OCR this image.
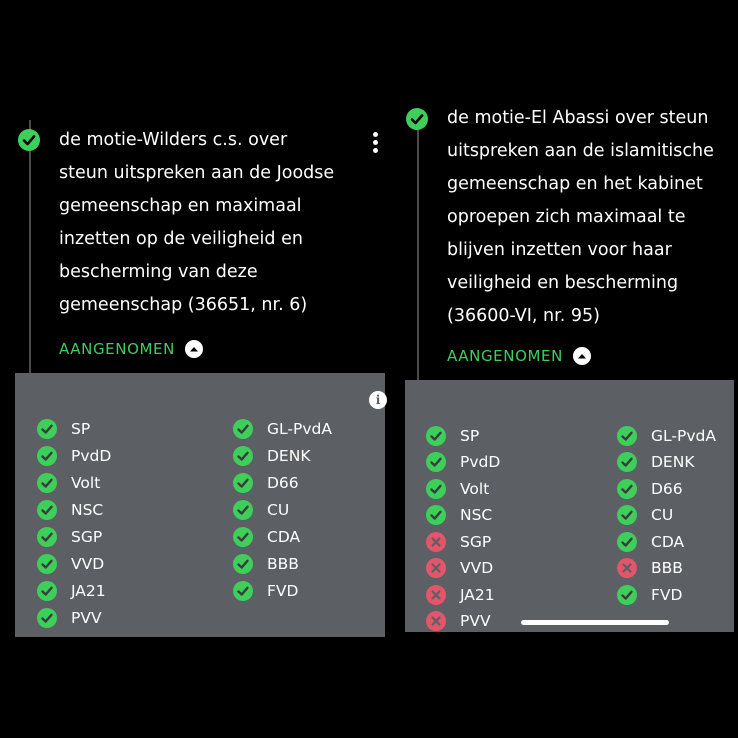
de motie-Wilders c.s. over
steun uitspreken aan de Joodse
gemeenschap en maximaal
inzetten op de veiligheid en
bescherming van deze
gemeenschap (36651, nr. 6)
AANGENOMEN
i
SP
PvdD
Volt
NSC
SGP
VVD
JA21
PVV
GL-PvdA
DENK
D66
CU
CDA
BBB
FVD
de motie-El Abassi over steun
uitspreken aan de islamitische
gemeenschap en het kabinet
oproepen zich maximaal te
blijven inzetten voor haar
veiligheid en bescherming
(36600-VI, nr. 95)
AANGENOMEN
SP
PvdD
Volt
NSC
SGP
VVD
JA21
PVV
GL-PvdA
DENK
D66
CU
CDA
BBB
FVD
